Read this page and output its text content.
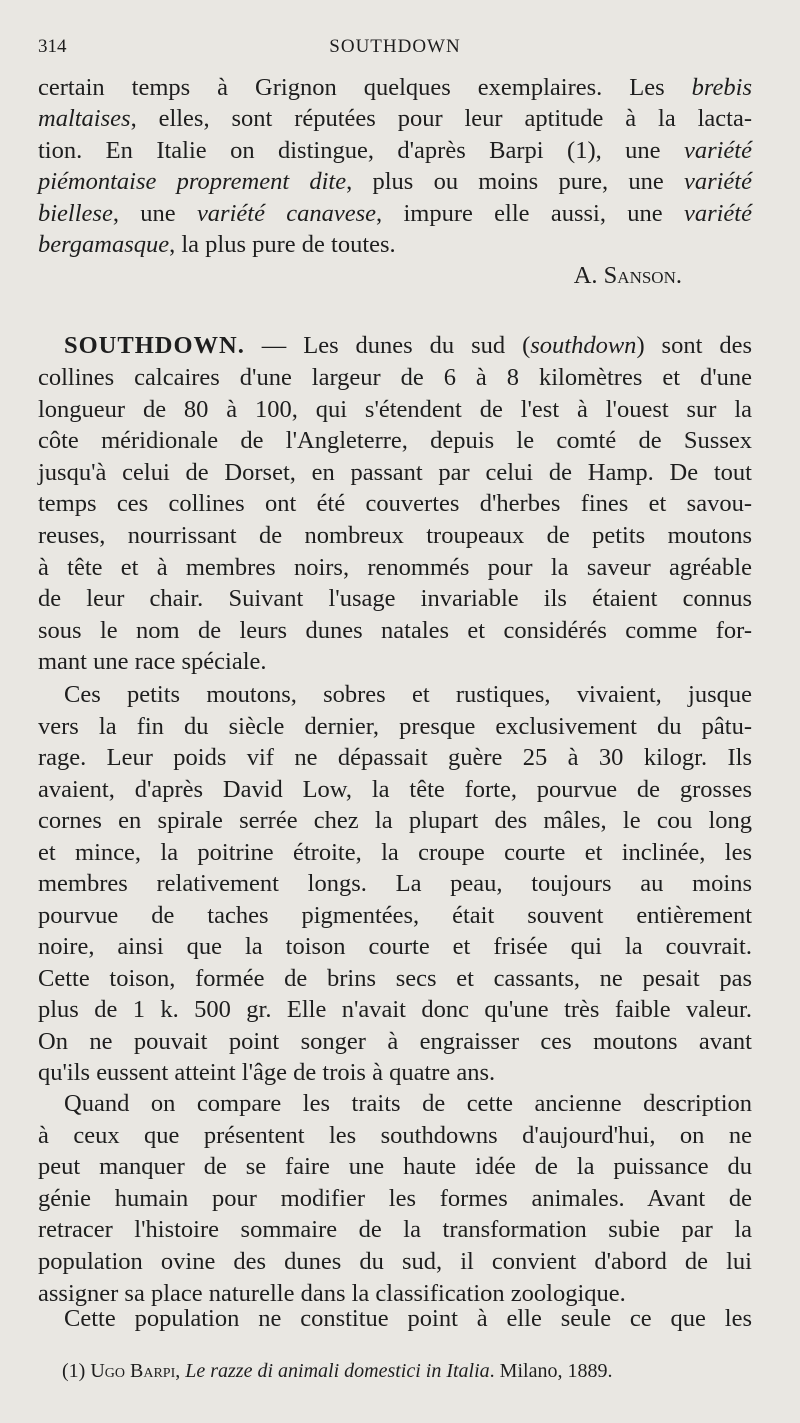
314	SOUTHDOWN
certain temps à Grignon quelques exemplaires. Les brebis
maltaises, elles, sont réputées pour leur aptitude à la lacta-
tion. En Italie on distingue, d'après Barpi (1), une variété
piémontaise proprement dite, plus ou moins pure, une variété
biellese, une variété canavese, impure elle aussi, une variété
bergamasque, la plus pure de toutes.
A. Sanson.
SOUTHDOWN. — Les dunes du sud (southdown) sont des
collines calcaires d'une largeur de 6 à 8 kilomètres et d'une
longueur de 80 à 100, qui s'étendent de l'est à l'ouest sur la
côte méridionale de l'Angleterre, depuis le comté de Sussex
jusqu'à celui de Dorset, en passant par celui de Hamp. De tout
temps ces collines ont été couvertes d'herbes fines et savou-
reuses, nourrissant de nombreux troupeaux de petits moutons
à tête et à membres noirs, renommés pour la saveur agréable
de leur chair. Suivant l'usage invariable ils étaient connus
sous le nom de leurs dunes natales et considérés comme for-
mant une race spéciale.
Ces petits moutons, sobres et rustiques, vivaient, jusque
vers la fin du siècle dernier, presque exclusivement du pâtu-
rage. Leur poids vif ne dépassait guère 25 à 30 kilogr. Ils
avaient, d'après David Low, la tête forte, pourvue de grosses
cornes en spirale serrée chez la plupart des mâles, le cou long
et mince, la poitrine étroite, la croupe courte et inclinée, les
membres relativement longs. La peau, toujours au moins
pourvue de taches pigmentées, était souvent entièrement
noire, ainsi que la toison courte et frisée qui la couvrait.
Cette toison, formée de brins secs et cassants, ne pesait pas
plus de 1 k. 500 gr. Elle n'avait donc qu'une très faible valeur.
On ne pouvait point songer à engraisser ces moutons avant
qu'ils eussent atteint l'âge de trois à quatre ans.
Quand on compare les traits de cette ancienne description
à ceux que présentent les southdowns d'aujourd'hui, on ne
peut manquer de se faire une haute idée de la puissance du
génie humain pour modifier les formes animales. Avant de
retracer l'histoire sommaire de la transformation subie par la
population ovine des dunes du sud, il convient d'abord de lui
assigner sa place naturelle dans la classification zoologique.
Cette population ne constitue point à elle seule ce que les
(1) Ugo Barpi, Le razze di animali domestici in Italia. Milano, 1889.
